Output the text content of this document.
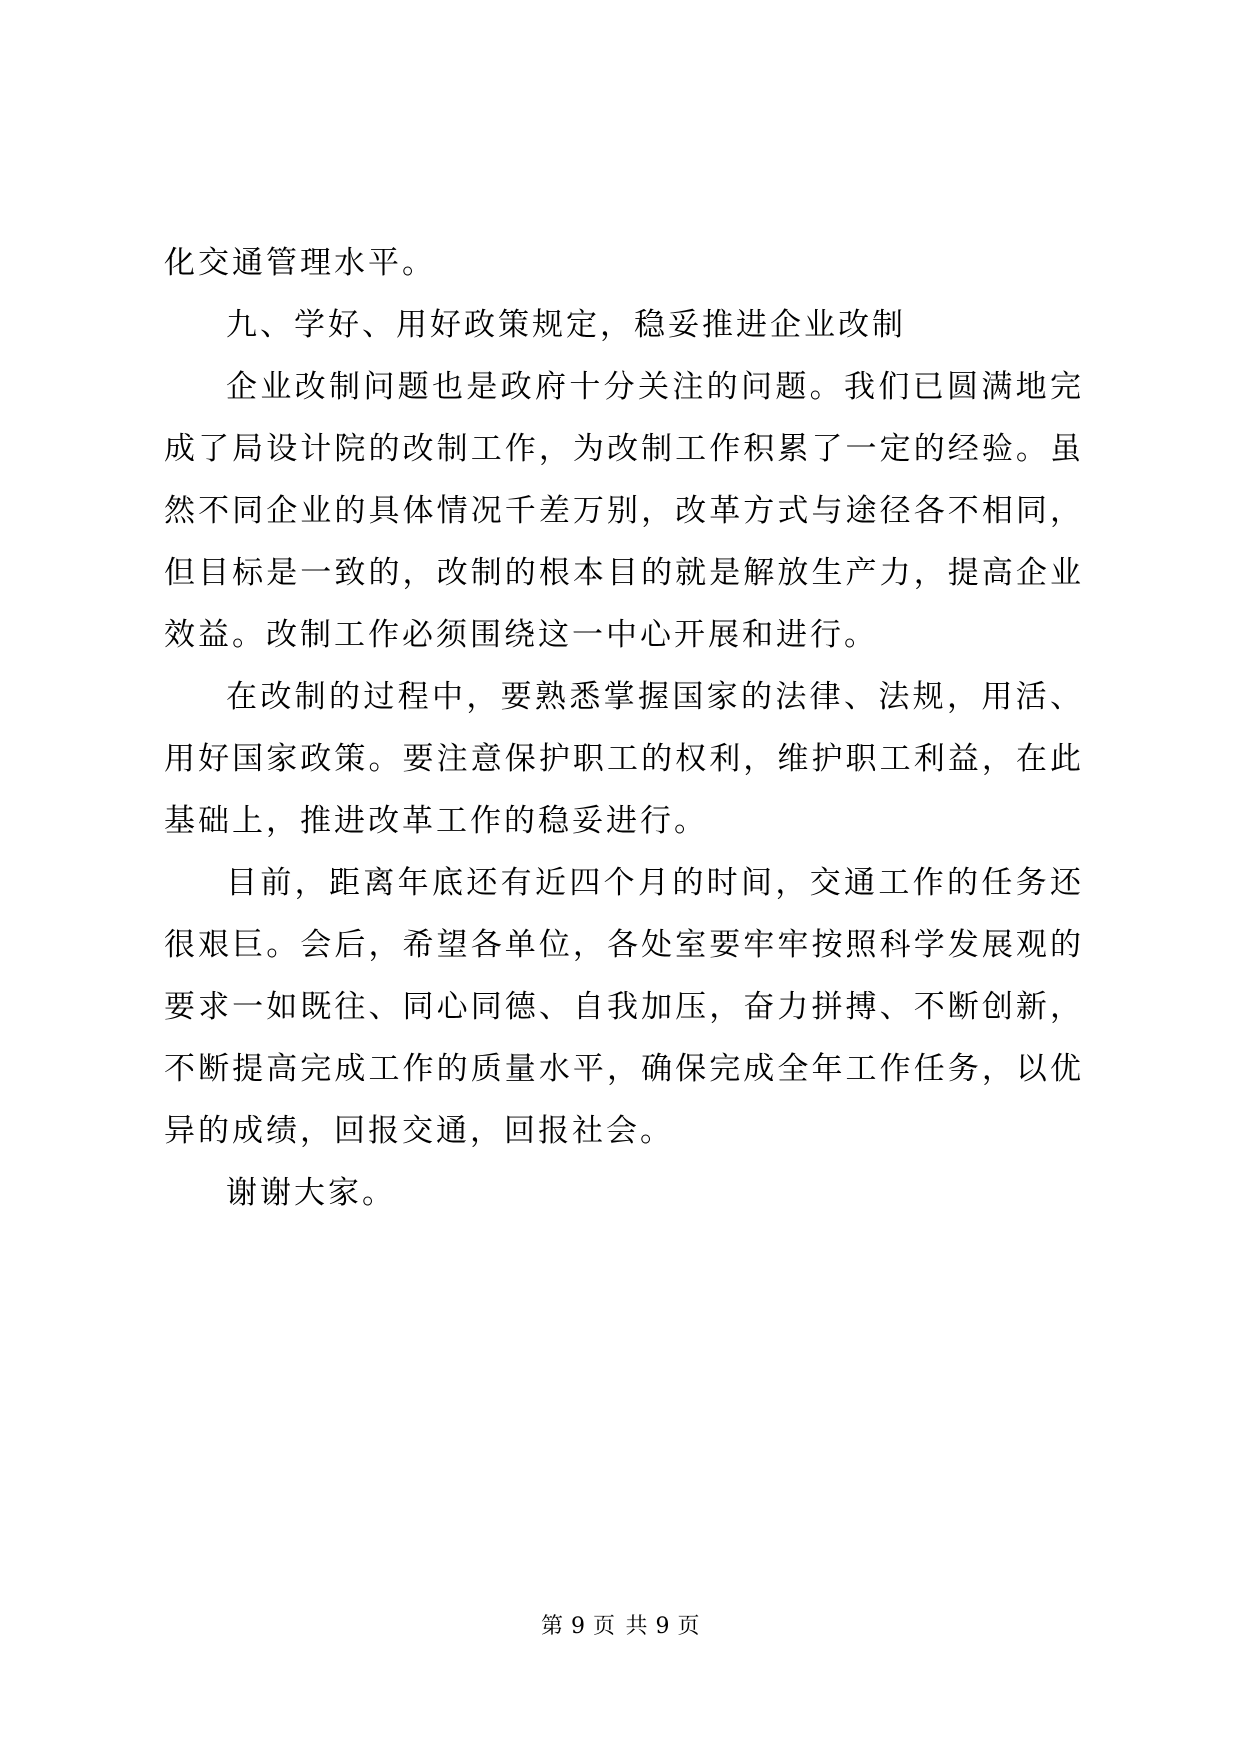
化交通管理水平。

九、学好、用好政策规定，稳妥推进企业改制

企业改制问题也是政府十分关注的问题。我们已圆满地完成了局设计院的改制工作，为改制工作积累了一定的经验。虽然不同企业的具体情况千差万别，改革方式与途径各不相同，但目标是一致的，改制的根本目的就是解放生产力，提高企业效益。改制工作必须围绕这一中心开展和进行。

在改制的过程中，要熟悉掌握国家的法律、法规，用活、用好国家政策。要注意保护职工的权利，维护职工利益，在此基础上，推进改革工作的稳妥进行。

目前，距离年底还有近四个月的时间，交通工作的任务还很艰巨。会后，希望各单位，各处室要牢牢按照科学发展观的要求一如既往、同心同德、自我加压，奋力拼搏、不断创新，不断提高完成工作的质量水平，确保完成全年工作任务，以优异的成绩，回报交通，回报社会。

谢谢大家。

第 9 页 共 9 页
